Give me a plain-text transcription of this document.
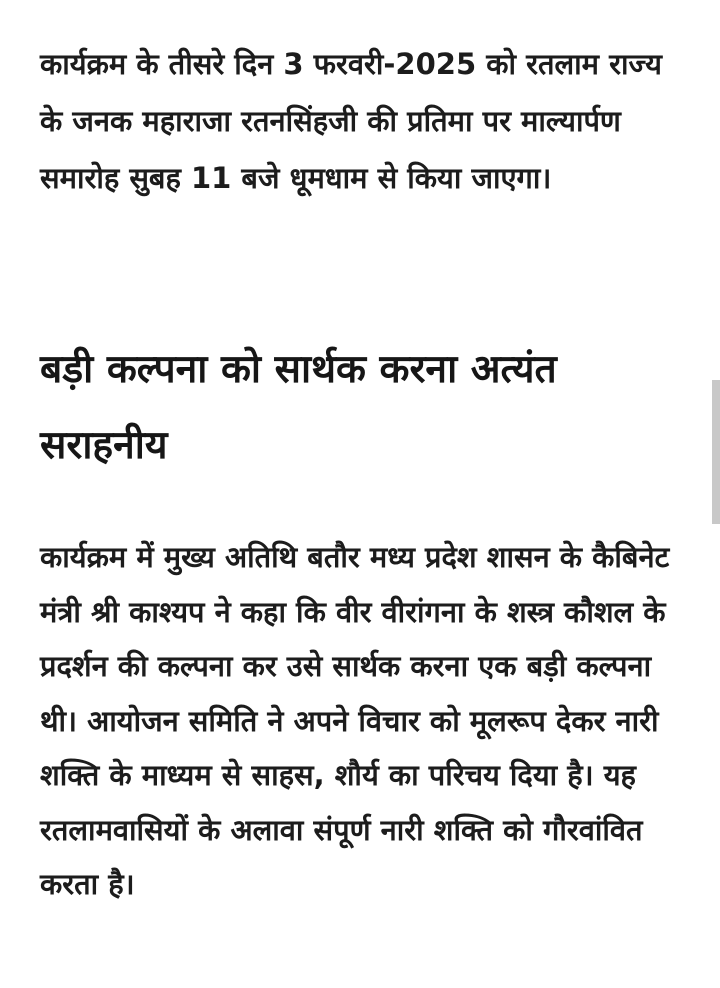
कार्यक्रम के तीसरे दिन 3 फरवरी-2025 को रतलाम राज्य के जनक महाराजा रतनसिंहजी की प्रतिमा पर माल्यार्पण समारोह सुबह 11 बजे धूमधाम से किया जाएगा।

बड़ी कल्पना को सार्थक करना अत्यंत सराहनीय

कार्यक्रम में मुख्य अतिथि बतौर मध्य प्रदेश शासन के कैबिनेट मंत्री श्री काश्यप ने कहा कि वीर वीरांगना के शस्त्र कौशल के प्रदर्शन की कल्पना कर उसे सार्थक करना एक बड़ी कल्पना थी। आयोजन समिति ने अपने विचार को मूलरूप देकर नारी शक्ति के माध्यम से साहस, शौर्य का परिचय दिया है। यह रतलामवासियों के अलावा संपूर्ण नारी शक्ति को गौरवांवित करता है।
